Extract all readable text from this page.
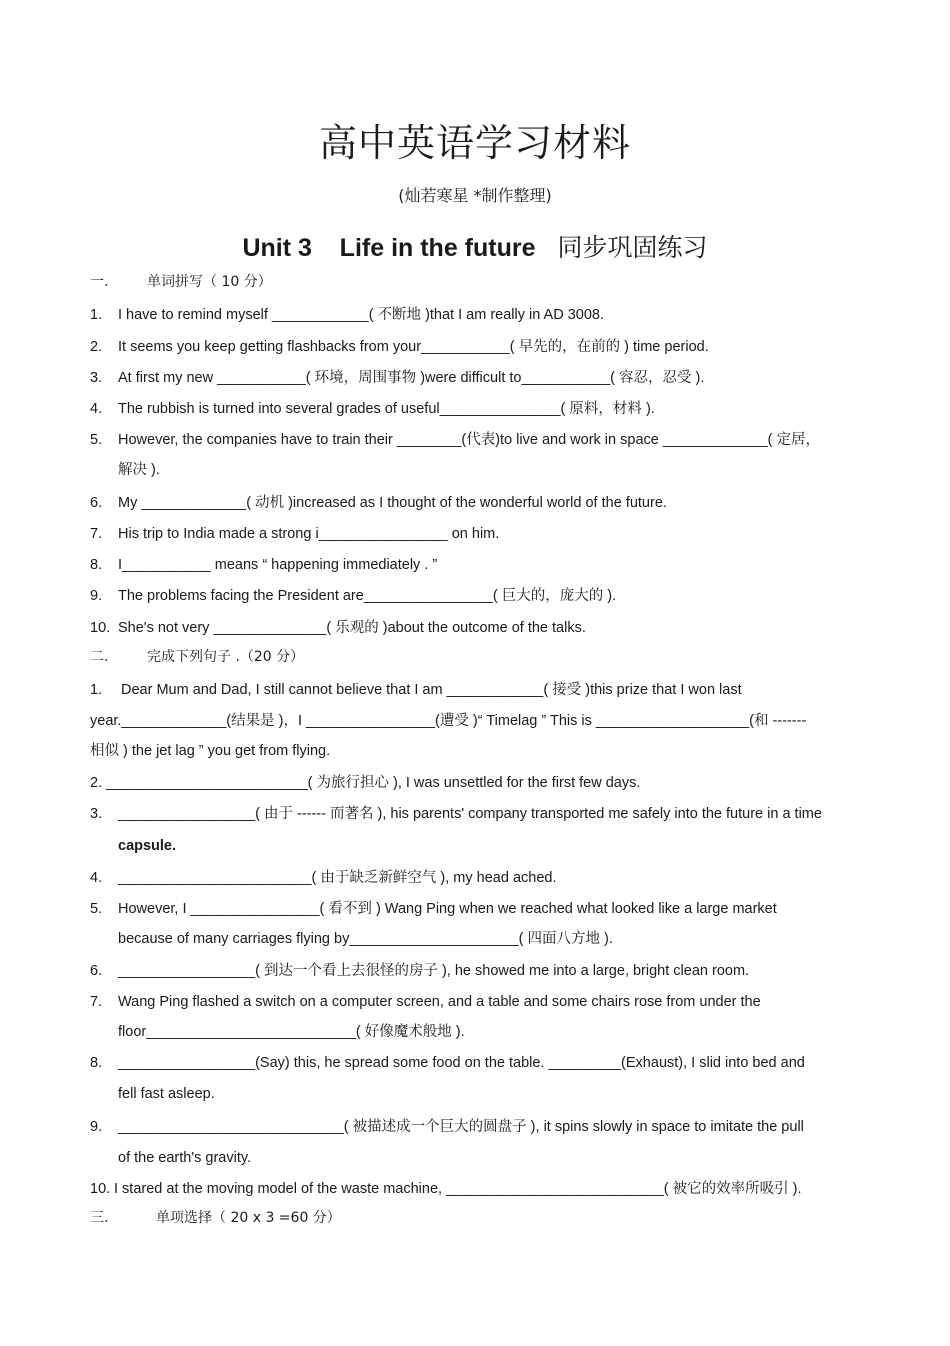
高中英语学习材料
(灿若寒星 *制作整理)
Unit 3    Life in the future 同步巩固练习
一.	单词拼写（ 10 分）
1. I have to remind myself ____________( 不断地 )that I am really in AD 3008.
2. It seems you keep getting flashbacks from your___________( 早先的，在前的 ) time period.
3. At first my new ___________( 环境，周围事物 )were difficult to___________( 容忍，忍受 ).
4. The rubbish is turned into several grades of useful_______________( 原料，材料 ).
5. However, the companies have to train their ________(代表)to live and work in space _____________( 定居，
解决 ).
6. My _____________( 动机 )increased as I thought of the wonderful world of the future.
7. His trip to India made a strong i________________ on him.
8. I___________ means “ happening immediately . ”
9. The problems facing the President are________________( 巨大的，庞大的 ).
10. She's not very ______________( 乐观的 )about the outcome of the talks.
二.	完成下列句子 .（20 分）
1. Dear Mum and Dad, I still cannot believe that I am ____________( 接受 )this prize that I won last
year._____________(结果是 )，I ________________(遭受 )“ Timelag ” This is ___________________(和 -------
相似 ) the jet lag ” you get from flying.
2. _________________________( 为旅行担心 ), I was unsettled for the first few days.
3. _________________( 由于 ------ 而著名 ), his parents' company transported me safely into the future in a time
capsule.
4. ________________________( 由于缺乏新鲜空气 ), my head ached.
5. However, I ________________( 看不到 ) Wang Ping when we reached what looked like a large market
because of many carriages flying by_____________________( 四面八方地 ).
6. _________________( 到达一个看上去很怪的房子 ), he showed me into a large, bright clean room.
7. Wang Ping flashed a switch on a computer screen, and a table and some chairs rose from under the
floor__________________________( 好像魔术般地 ).
8. _________________(Say) this, he spread some food on the table. _________(Exhaust), I slid into bed and
fell fast asleep.
9. ____________________________( 被描述成一个巨大的圆盘子 ), it spins slowly in space to imitate the pull
of the earth's gravity.
10. I stared at the moving model of the waste machine, ___________________________( 被它的效率所吸引 ).
三.	单项选择（ 20 x 3 =60 分）
